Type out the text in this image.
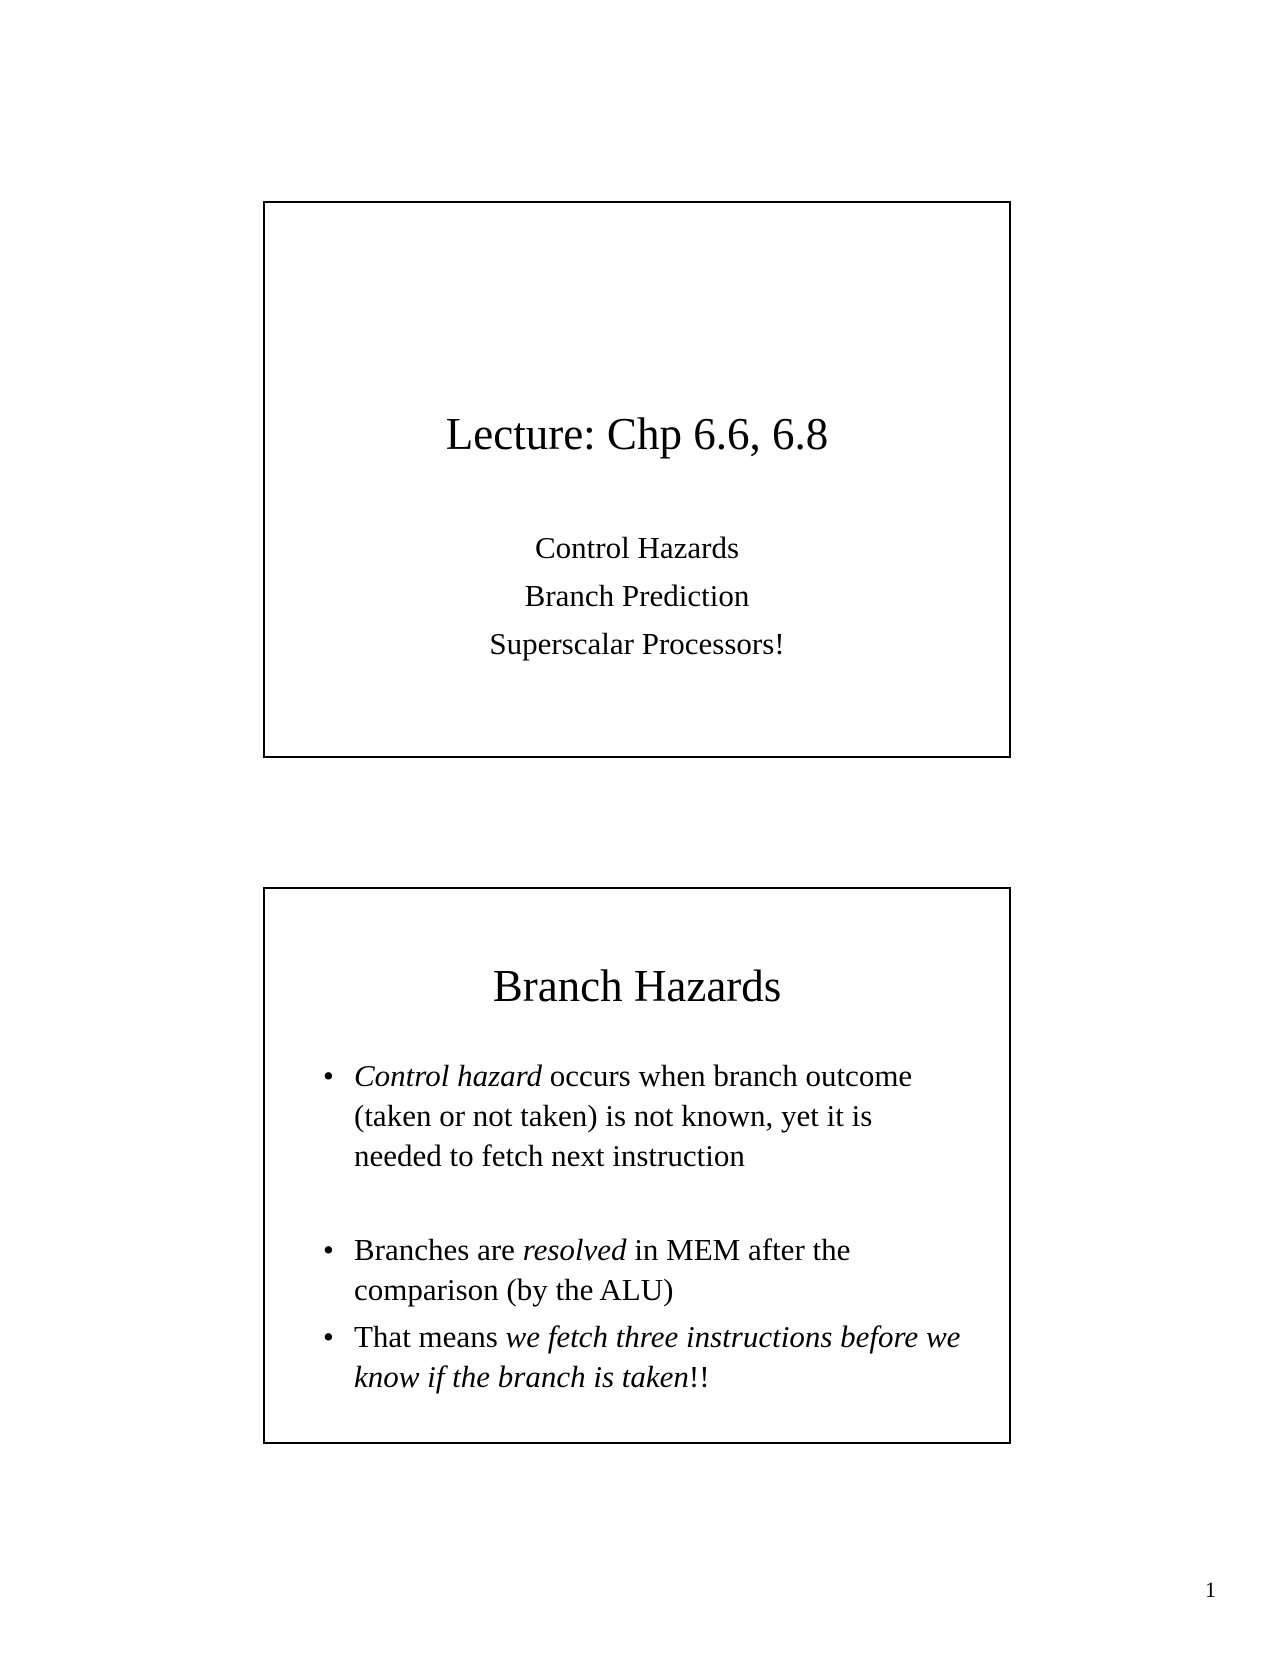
Lecture: Chp 6.6, 6.8
Control Hazards
Branch Prediction
Superscalar Processors!
Branch Hazards
• Control hazard occurs when branch outcome (taken or not taken) is not known, yet it is needed to fetch next instruction
• Branches are resolved in MEM after the comparison (by the ALU)
• That means we fetch three instructions before we know if the branch is taken!!
1
